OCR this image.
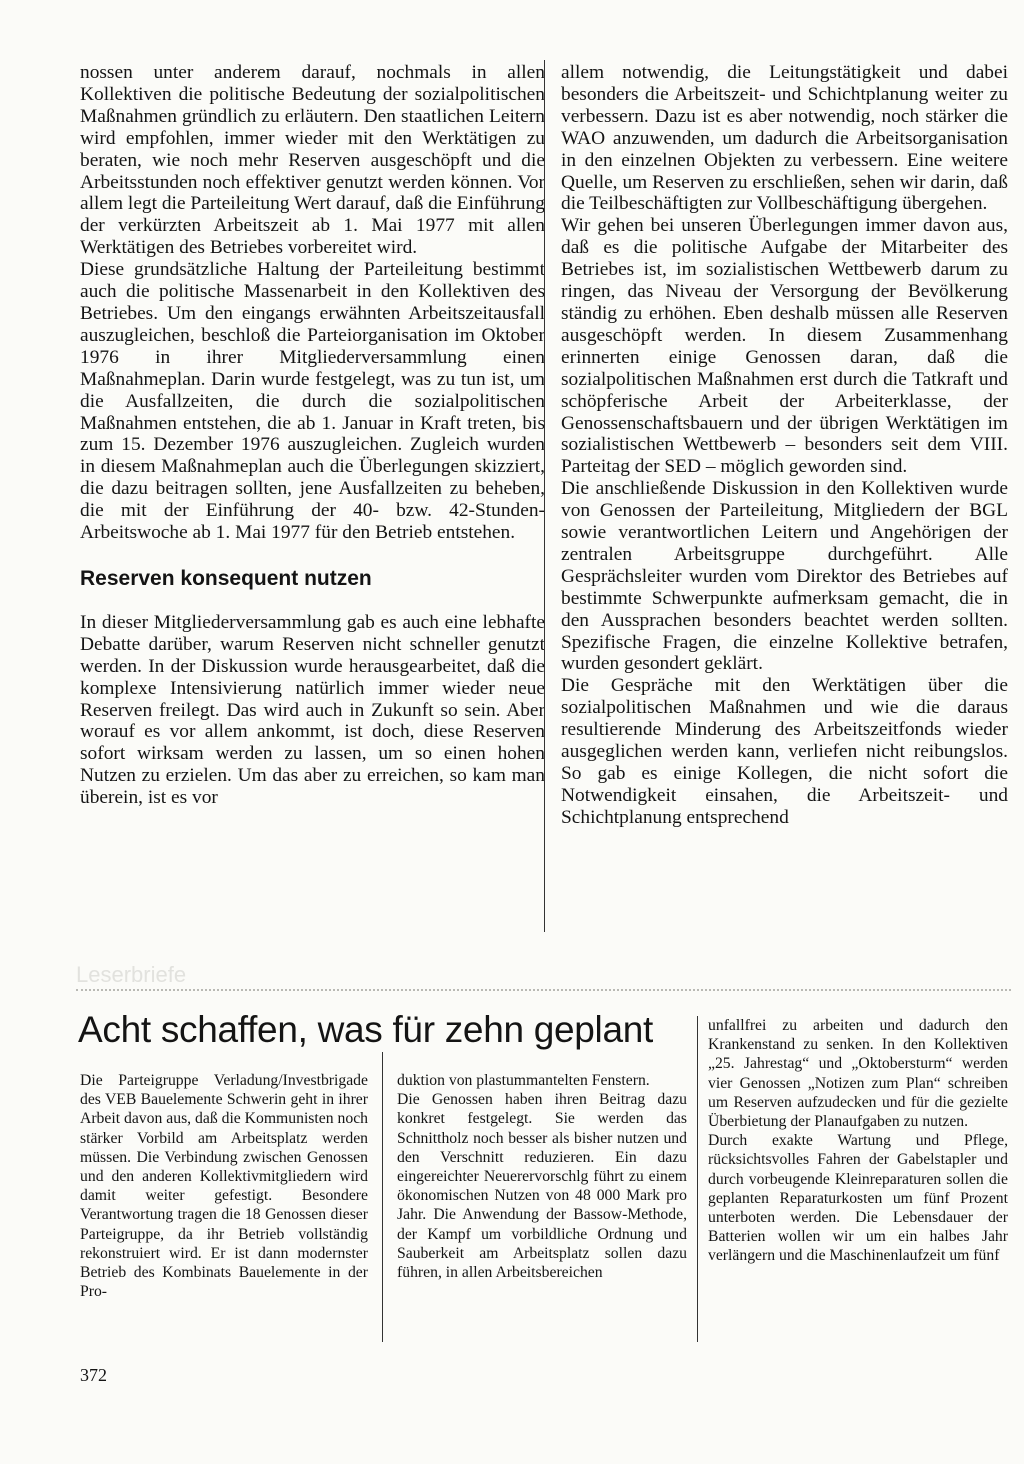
nossen unter anderem darauf, nochmals in allen Kollektiven die politische Bedeutung der sozialpolitischen Maßnahmen gründlich zu erläutern. Den staatlichen Leitern wird empfohlen, immer wieder mit den Werktätigen zu beraten, wie noch mehr Reserven ausgeschöpft und die Arbeitsstunden noch effektiver genutzt werden können. Vor allem legt die Parteileitung Wert darauf, daß die Einführung der verkürzten Arbeitszeit ab 1. Mai 1977 mit allen Werktätigen des Betriebes vorbereitet wird.

Diese grundsätzliche Haltung der Parteileitung bestimmt auch die politische Massenarbeit in den Kollektiven des Betriebes. Um den eingangs erwähnten Arbeitszeitausfall auszugleichen, beschloß die Parteiorganisation im Oktober 1976 in ihrer Mitgliederversammlung einen Maßnahmeplan. Darin wurde festgelegt, was zu tun ist, um die Ausfallzeiten, die durch die sozialpolitischen Maßnahmen entstehen, die ab 1. Januar in Kraft treten, bis zum 15. Dezember 1976 auszugleichen. Zugleich wurden in diesem Maßnahmeplan auch die Überlegungen skizziert, die dazu beitragen sollten, jene Ausfallzeiten zu beheben, die mit der Einführung der 40- bzw. 42-Stunden-Arbeitswoche ab 1. Mai 1977 für den Betrieb entstehen.

Reserven konsequent nutzen

In dieser Mitgliederversammlung gab es auch eine lebhafte Debatte darüber, warum Reserven nicht schneller genutzt werden. In der Diskussion wurde herausgearbeitet, daß die komplexe Intensivierung natürlich immer wieder neue Reserven freilegt. Das wird auch in Zukunft so sein. Aber worauf es vor allem ankommt, ist doch, diese Reserven sofort wirksam werden zu lassen, um so einen hohen Nutzen zu erzielen. Um das aber zu erreichen, so kam man überein, ist es vor

allem notwendig, die Leitungstätigkeit und dabei besonders die Arbeitszeit- und Schichtplanung weiter zu verbessern. Dazu ist es aber notwendig, noch stärker die WAO anzuwenden, um dadurch die Arbeitsorganisation in den einzelnen Objekten zu verbessern. Eine weitere Quelle, um Reserven zu erschließen, sehen wir darin, daß die Teilbeschäftigten zur Vollbeschäftigung übergehen.

Wir gehen bei unseren Überlegungen immer davon aus, daß es die politische Aufgabe der Mitarbeiter des Betriebes ist, im sozialistischen Wettbewerb darum zu ringen, das Niveau der Versorgung der Bevölkerung ständig zu erhöhen. Eben deshalb müssen alle Reserven ausgeschöpft werden. In diesem Zusammenhang erinnerten einige Genossen daran, daß die sozialpolitischen Maßnahmen erst durch die Tatkraft und schöpferische Arbeit der Arbeiterklasse, der Genossenschaftsbauern und der übrigen Werktätigen im sozialistischen Wettbewerb – besonders seit dem VIII. Parteitag der SED – möglich geworden sind.

Die anschließende Diskussion in den Kollektiven wurde von Genossen der Parteileitung, Mitgliedern der BGL sowie verantwortlichen Leitern und Angehörigen der zentralen Arbeitsgruppe durchgeführt. Alle Gesprächsleiter wurden vom Direktor des Betriebes auf bestimmte Schwerpunkte aufmerksam gemacht, die in den Aussprachen besonders beachtet werden sollten. Spezifische Fragen, die einzelne Kollektive betrafen, wurden gesondert geklärt.

Die Gespräche mit den Werktätigen über die sozialpolitischen Maßnahmen und wie die daraus resultierende Minderung des Arbeitszeitfonds wieder ausgeglichen werden kann, verliefen nicht reibungslos. So gab es einige Kollegen, die nicht sofort die Notwendigkeit einsahen, die Arbeitszeit- und Schichtplanung entsprechend

Leserbriefe
Acht schaffen, was für zehn geplant

Die Parteigruppe Verladung/Investbrigade des VEB Bauelemente Schwerin geht in ihrer Arbeit davon aus, daß die Kommunisten noch stärker Vorbild am Arbeitsplatz werden müssen. Die Verbindung zwischen Genossen und den anderen Kollektivmitgliedern wird damit weiter gefestigt. Besondere Verantwortung tragen die 18 Genossen dieser Parteigruppe, da ihr Betrieb vollständig rekonstruiert wird. Er ist dann modernster Betrieb des Kombinats Bauelemente in der Pro-

duktion von plastummantelten Fenstern.

Die Genossen haben ihren Beitrag dazu konkret festgelegt. Sie werden das Schnittholz noch besser als bisher nutzen und den Verschnitt reduzieren. Ein dazu eingereichter Neuerervorschlg führt zu einem ökonomischen Nutzen von 48 000 Mark pro Jahr. Die Anwendung der Bassow-Methode, der Kampf um vorbildliche Ordnung und Sauberkeit am Arbeitsplatz sollen dazu führen, in allen Arbeitsbereichen

unfallfrei zu arbeiten und dadurch den Krankenstand zu senken. In den Kollektiven „25. Jahrestag“ und „Oktobersturm“ werden vier Genossen „Notizen zum Plan“ schreiben um Reserven aufzudecken und für die gezielte Überbietung der Planaufgaben zu nutzen.

Durch exakte Wartung und Pflege, rücksichtsvolles Fahren der Gabelstapler und durch vorbeugende Kleinreparaturen sollen die geplanten Reparaturkosten um fünf Prozent unterboten werden. Die Lebensdauer der Batterien wollen wir um ein halbes Jahr verlängern und die Maschinenlaufzeit um fünf

372
